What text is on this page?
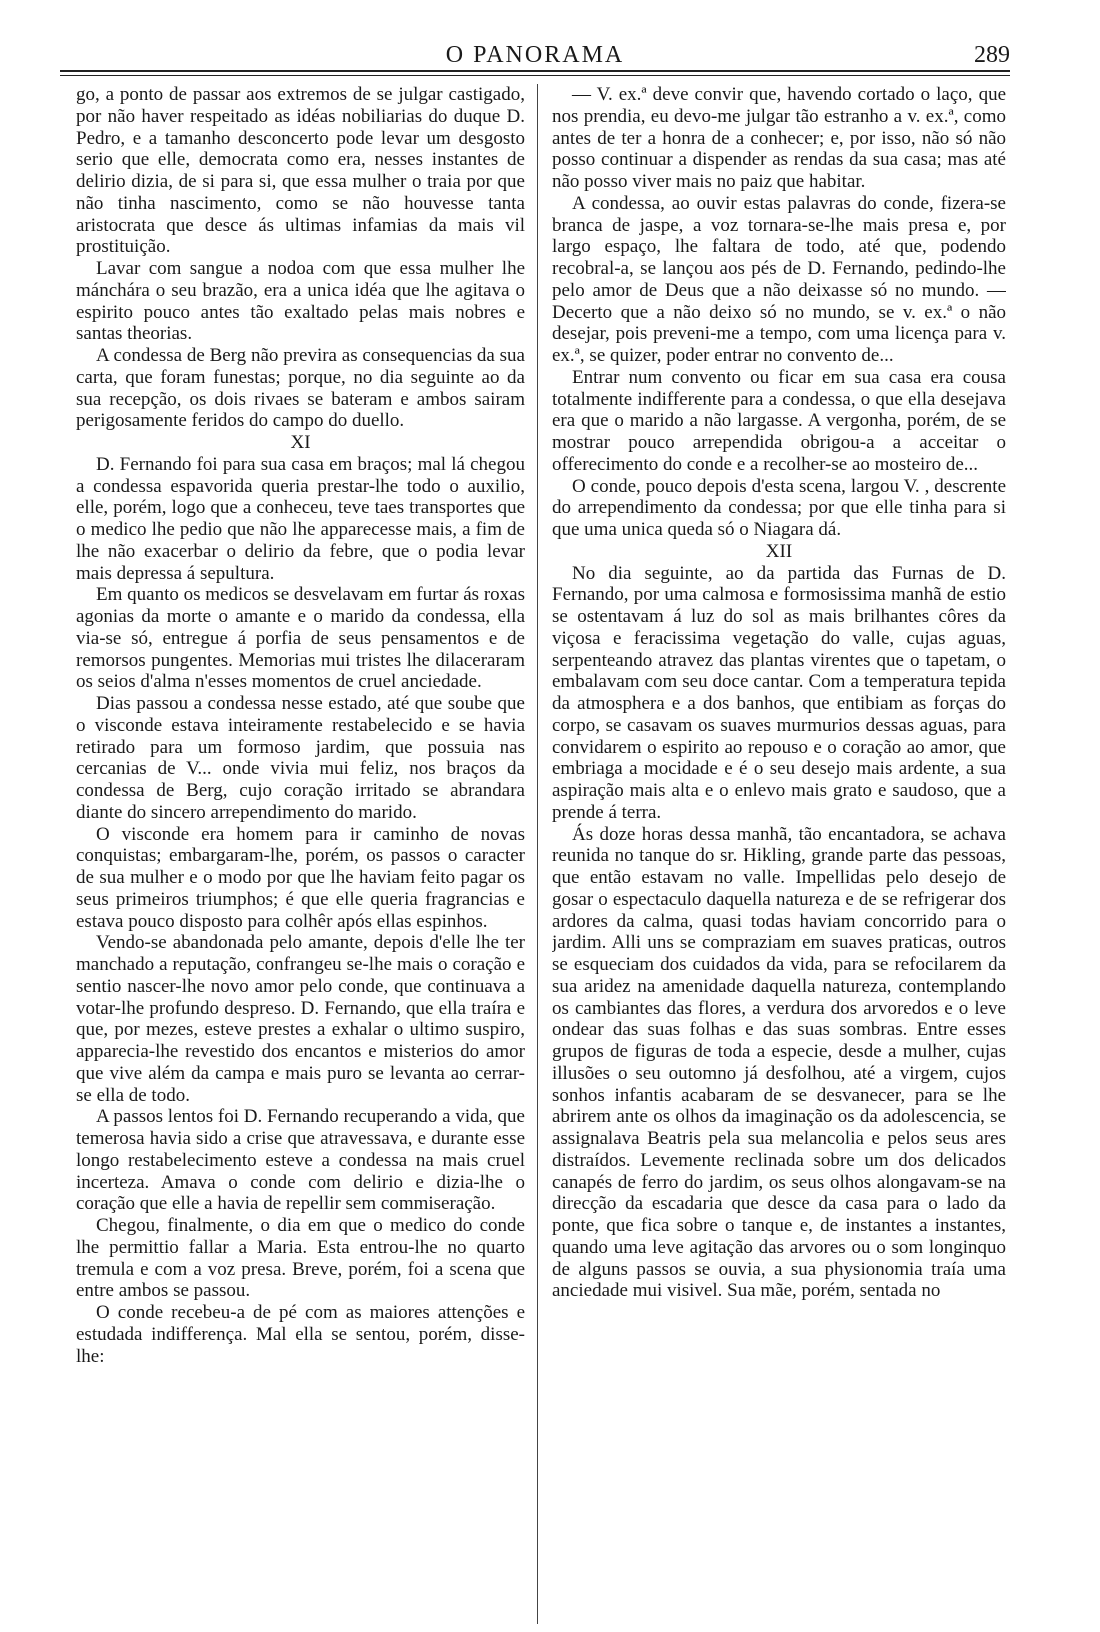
O PANORAMA	289

go, a ponto de passar aos extremos de se julgar castigado, por não haver respeitado as idéas nobiliarias do duque D. Pedro, e a tamanho desconcerto pode levar um desgosto serio que elle, democrata como era, nesses instantes de delirio dizia, de si para si, que essa mulher o traia por que não tinha nascimento, como se não houvesse tanta aristocrata que desce ás ultimas infamias da mais vil prostituição.

Lavar com sangue a nodoa com que essa mulher lhe mánchára o seu brazão, era a unica idéa que lhe agitava o espirito pouco antes tão exaltado pelas mais nobres e santas theorias.

A condessa de Berg não previra as consequencias da sua carta, que foram funestas; porque, no dia seguinte ao da sua recepção, os dois rivaes se bateram e ambos sairam perigosamente feridos do campo do duello.

XI

D. Fernando foi para sua casa em braços; mal lá chegou a condessa espavorida queria prestar-lhe todo o auxilio, elle, porém, logo que a conheceu, teve taes transportes que o medico lhe pedio que não lhe apparecesse mais, a fim de lhe não exacerbar o delirio da febre, que o podia levar mais depressa á sepultura.

Em quanto os medicos se desvelavam em furtar ás roxas agonias da morte o amante e o marido da condessa, ella via-se só, entregue á porfia de seus pensamentos e de remorsos pungentes. Memorias mui tristes lhe dilaceraram os seios d'alma n'esses momentos de cruel anciedade.

Dias passou a condessa nesse estado, até que soube que o visconde estava inteiramente restabelecido e se havia retirado para um formoso jardim, que possuia nas cercanias de V... onde vivia mui feliz, nos braços da condessa de Berg, cujo coração irritado se abrandara diante do sincero arrependimento do marido.

O visconde era homem para ir caminho de novas conquistas; embargaram-lhe, porém, os passos o caracter de sua mulher e o modo por que lhe haviam feito pagar os seus primeiros triumphos; é que elle queria fragrancias e estava pouco disposto para colhêr após ellas espinhos.

Vendo-se abandonada pelo amante, depois d'elle lhe ter manchado a reputação, confrangeu se-lhe mais o coração e sentio nascer-lhe novo amor pelo conde, que continuava a votar-lhe profundo despreso. D. Fernando, que ella traíra e que, por mezes, esteve prestes a exhalar o ultimo suspiro, apparecia-lhe revestido dos encantos e misterios do amor que vive além da campa e mais puro se levanta ao cerrar-se ella de todo.

A passos lentos foi D. Fernando recuperando a vida, que temerosa havia sido a crise que atravessava, e durante esse longo restabelecimento esteve a condessa na mais cruel incerteza. Amava o conde com delirio e dizia-lhe o coração que elle a havia de repellir sem commiseração.

Chegou, finalmente, o dia em que o medico do conde lhe permittio fallar a Maria. Esta entrou-lhe no quarto tremula e com a voz presa. Breve, porém, foi a scena que entre ambos se passou.

O conde recebeu-a de pé com as maiores attenções e estudada indifferença. Mal ella se sentou, porém, disse-lhe:

— V. ex.ª deve convir que, havendo cortado o laço, que nos prendia, eu devo-me julgar tão estranho a v. ex.ª, como antes de ter a honra de a conhecer; e, por isso, não só não posso continuar a dispender as rendas da sua casa; mas até não posso viver mais no paiz que habitar.

A condessa, ao ouvir estas palavras do conde, fizera-se branca de jaspe, a voz tornara-se-lhe mais presa e, por largo espaço, lhe faltara de todo, até que, podendo recobral-a, se lançou aos pés de D. Fernando, pedindo-lhe pelo amor de Deus que a não deixasse só no mundo. — Decerto que a não deixo só no mundo, se v. ex.ª o não desejar, pois preveni-me a tempo, com uma licença para v. ex.ª, se quizer, poder entrar no convento de...

Entrar num convento ou ficar em sua casa era cousa totalmente indifferente para a condessa, o que ella desejava era que o marido a não largasse. A vergonha, porém, de se mostrar pouco arrependida obrigou-a a acceitar o offerecimento do conde e a recolher-se ao mosteiro de...

O conde, pouco depois d'esta scena, largou V. , descrente do arrependimento da condessa; por que elle tinha para si que uma unica queda só o Niagara dá.

XII

No dia seguinte, ao da partida das Furnas de D. Fernando, por uma calmosa e formosissima manhã de estio se ostentavam á luz do sol as mais brilhantes côres da viçosa e feracissima vegetação do valle, cujas aguas, serpenteando atravez das plantas virentes que o tapetam, o embalavam com seu doce cantar. Com a temperatura tepida da atmosphera e a dos banhos, que entibiam as forças do corpo, se casavam os suaves murmurios dessas aguas, para convidarem o espirito ao repouso e o coração ao amor, que embriaga a mocidade e é o seu desejo mais ardente, a sua aspiração mais alta e o enlevo mais grato e saudoso, que a prende á terra.

Ás doze horas dessa manhã, tão encantadora, se achava reunida no tanque do sr. Hikling, grande parte das pessoas, que então estavam no valle. Impellidas pelo desejo de gosar o espectaculo daquella natureza e de se refrigerar dos ardores da calma, quasi todas haviam concorrido para o jardim. Alli uns se compraziam em suaves praticas, outros se esqueciam dos cuidados da vida, para se refocilarem da sua aridez na amenidade daquella natureza, contemplando os cambiantes das flores, a verdura dos arvoredos e o leve ondear das suas folhas e das suas sombras. Entre esses grupos de figuras de toda a especie, desde a mulher, cujas illusões o seu outomno já desfolhou, até a virgem, cujos sonhos infantis acabaram de se desvanecer, para se lhe abrirem ante os olhos da imaginação os da adolescencia, se assignalava Beatris pela sua melancolia e pelos seus ares distraídos. Levemente reclinada sobre um dos delicados canapés de ferro do jardim, os seus olhos alongavam-se na direcção da escadaria que desce da casa para o lado da ponte, que fica sobre o tanque e, de instantes a instantes, quando uma leve agitação das arvores ou o som longinquo de alguns passos se ouvia, a sua physionomia traía uma anciedade mui visivel. Sua mãe, porém, sentada no
